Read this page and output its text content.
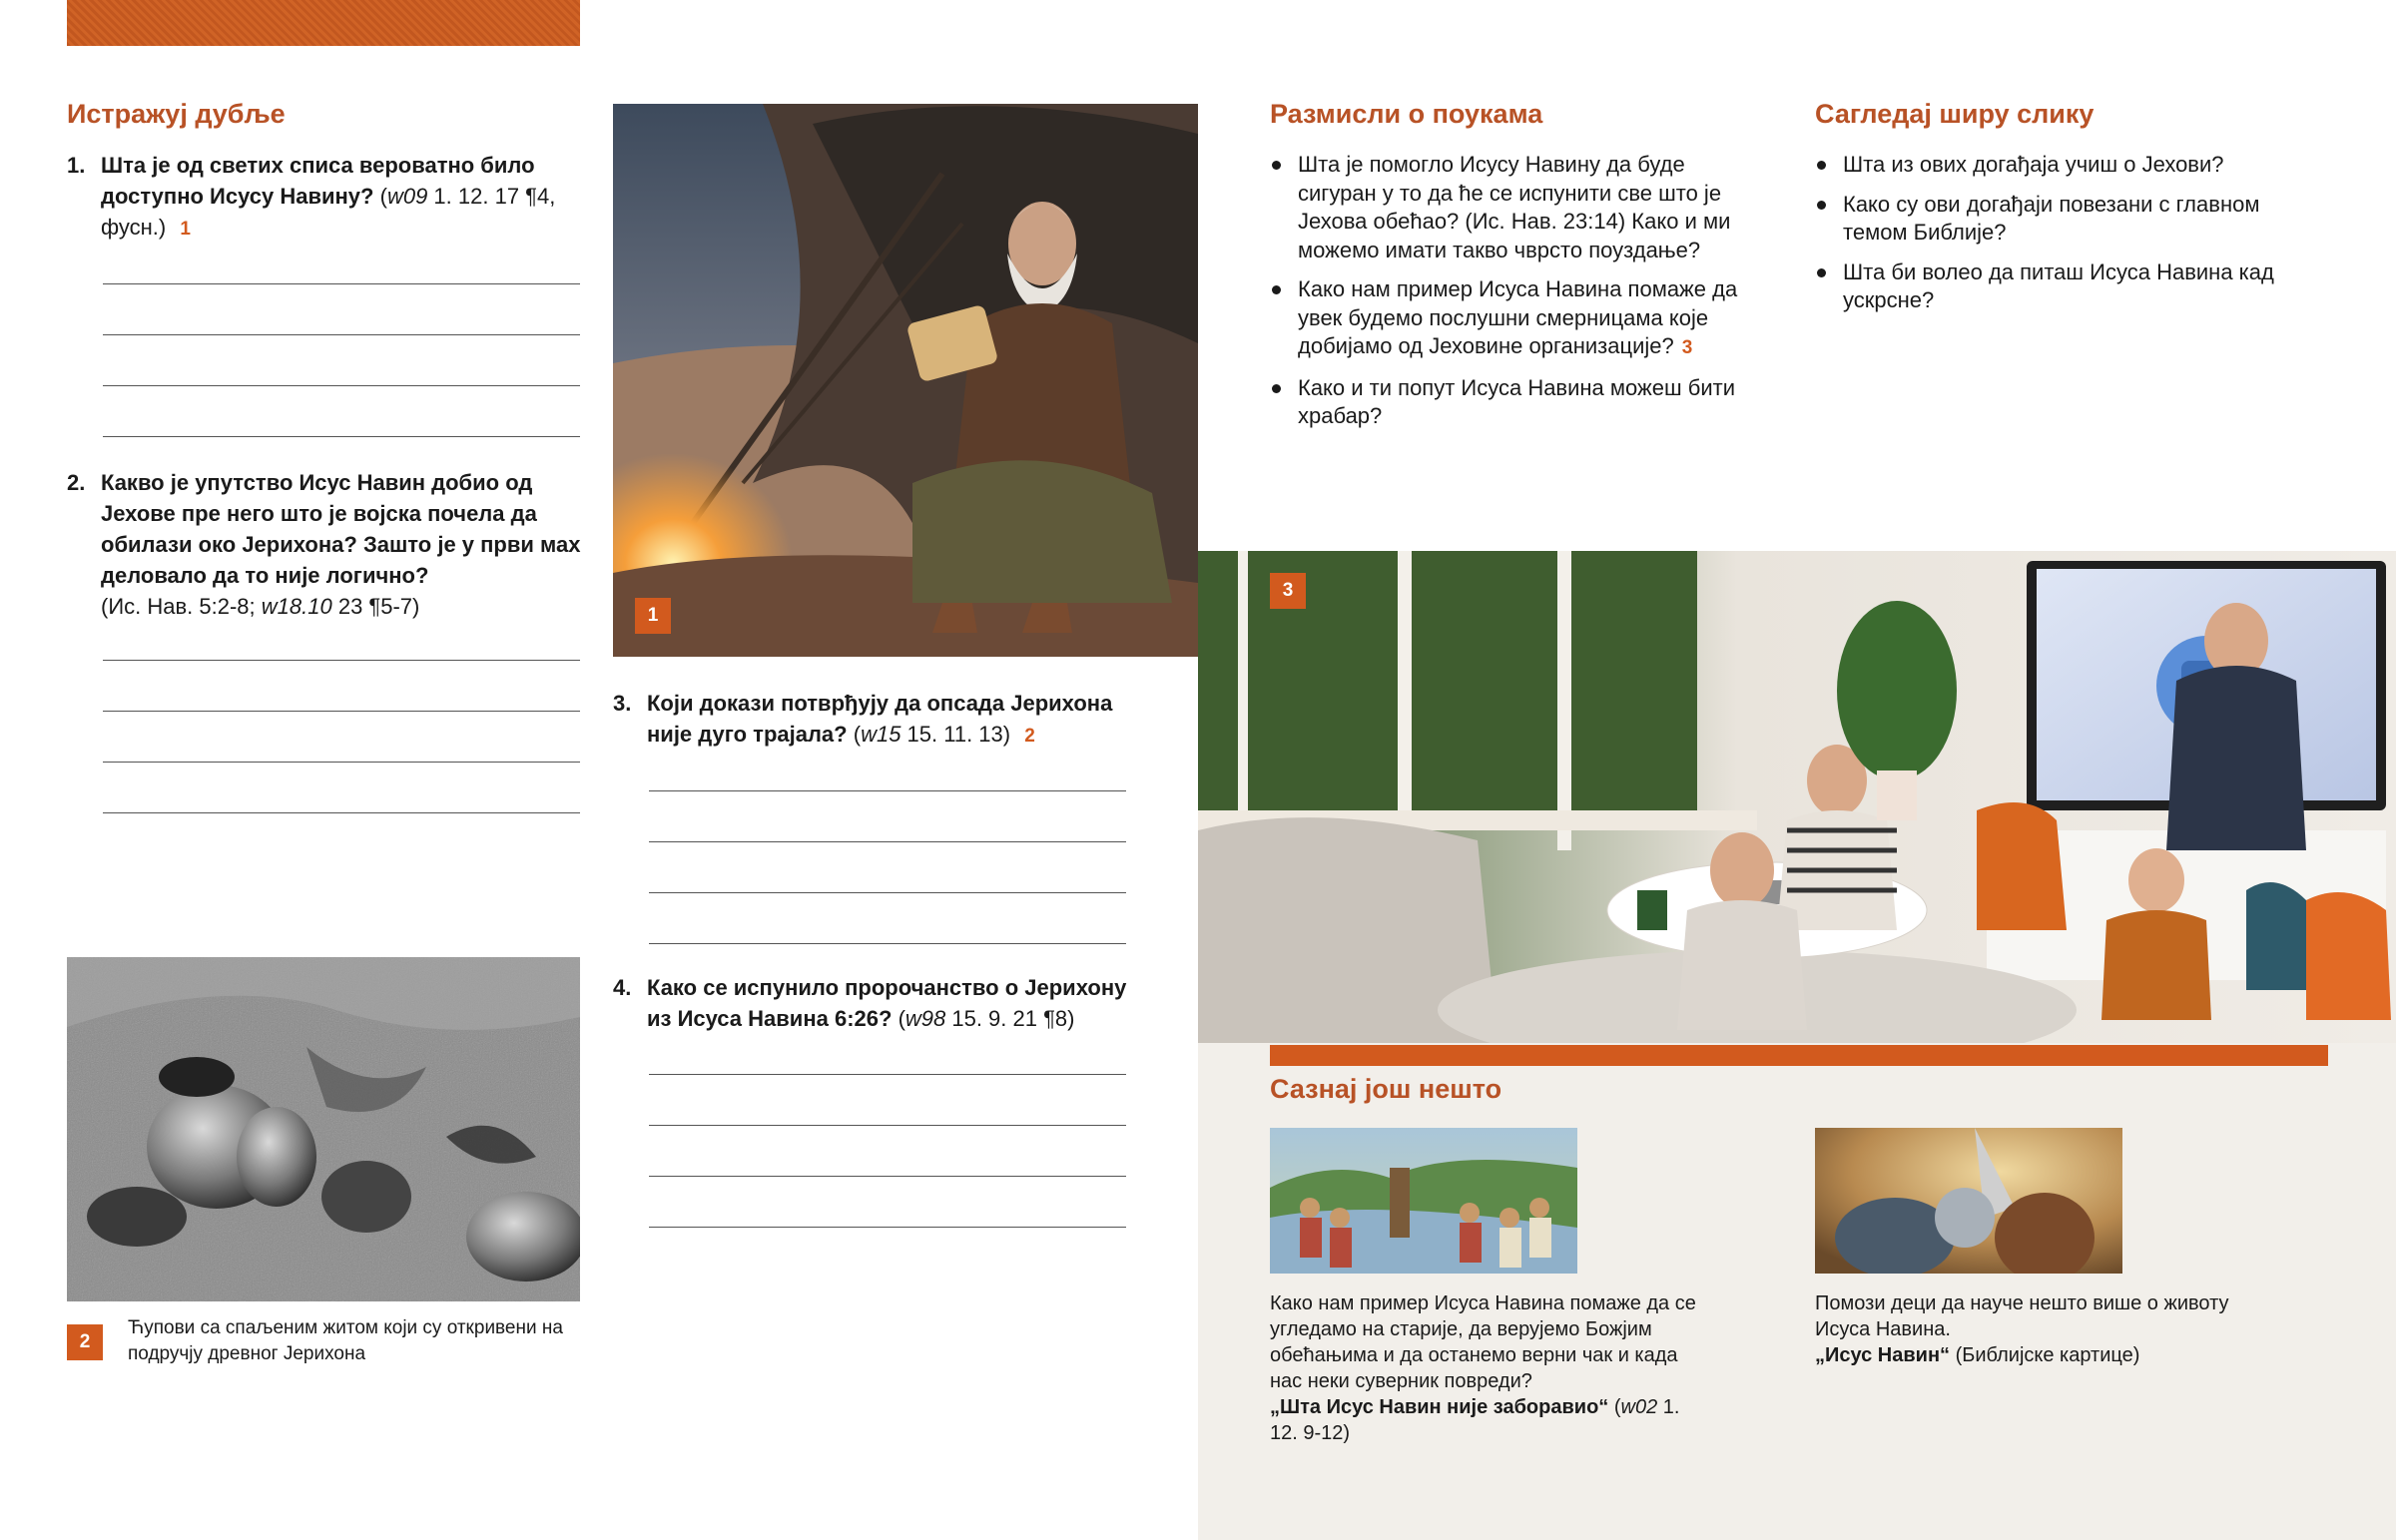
Истражуј дубље
1. Шта је од светих списа вероватно било доступно Исусу Навину? (w09 1. 12. 17 ¶4, фусн.) 1
2. Какво је упутство Исус Навин добио од Јехове пре него што је војска почела да обилази око Јерихона? Зашто је у први мах деловало да то није логично?
(Ис. Нав. 5:2-8; w18.10 23 ¶5-7)
2
Ћупови са спаљеним житом који су откривени на подручју древног Јерихона
1
3. Који докази потврђују да опсада Јерихона није дуго трајала? (w15 15. 11. 13) 2
4. Како се испунило пророчанство о Јерихону из Исуса Навина 6:26? (w98 15. 9. 21 ¶8)
Размисли о поукама
Шта је помогло Исусу Навину да буде сигуран у то да ће се испунити све што је Јехова обећао? (Ис. Нав. 23:14) Како и ми можемо имати такво чврсто поуздање?
Како нам пример Исуса Навина помаже да увек будемо послушни смерницама које добијамо од Јеховине организације? 3
Како и ти попут Исуса Навина можеш бити храбар?
Сагледај ширу слику
Шта из ових догађаја учиш о Јехови?
Како су ови догађаји повезани с главном темом Библије?
Шта би волео да питаш Исуса Навина кад ускрсне?
3
Сазнај још нешто
Како нам пример Исуса Навина помаже да се угледамо на старије, да верујемо Божјим обећањима и да останемо верни чак и када нас неки суверник повреди?
„Шта Исус Навин није заборавио“ (w02 1. 12. 9-12)
Помози деци да науче нешто више о животу Исуса Навина.
„Исус Навин“ (Библијске картице)
